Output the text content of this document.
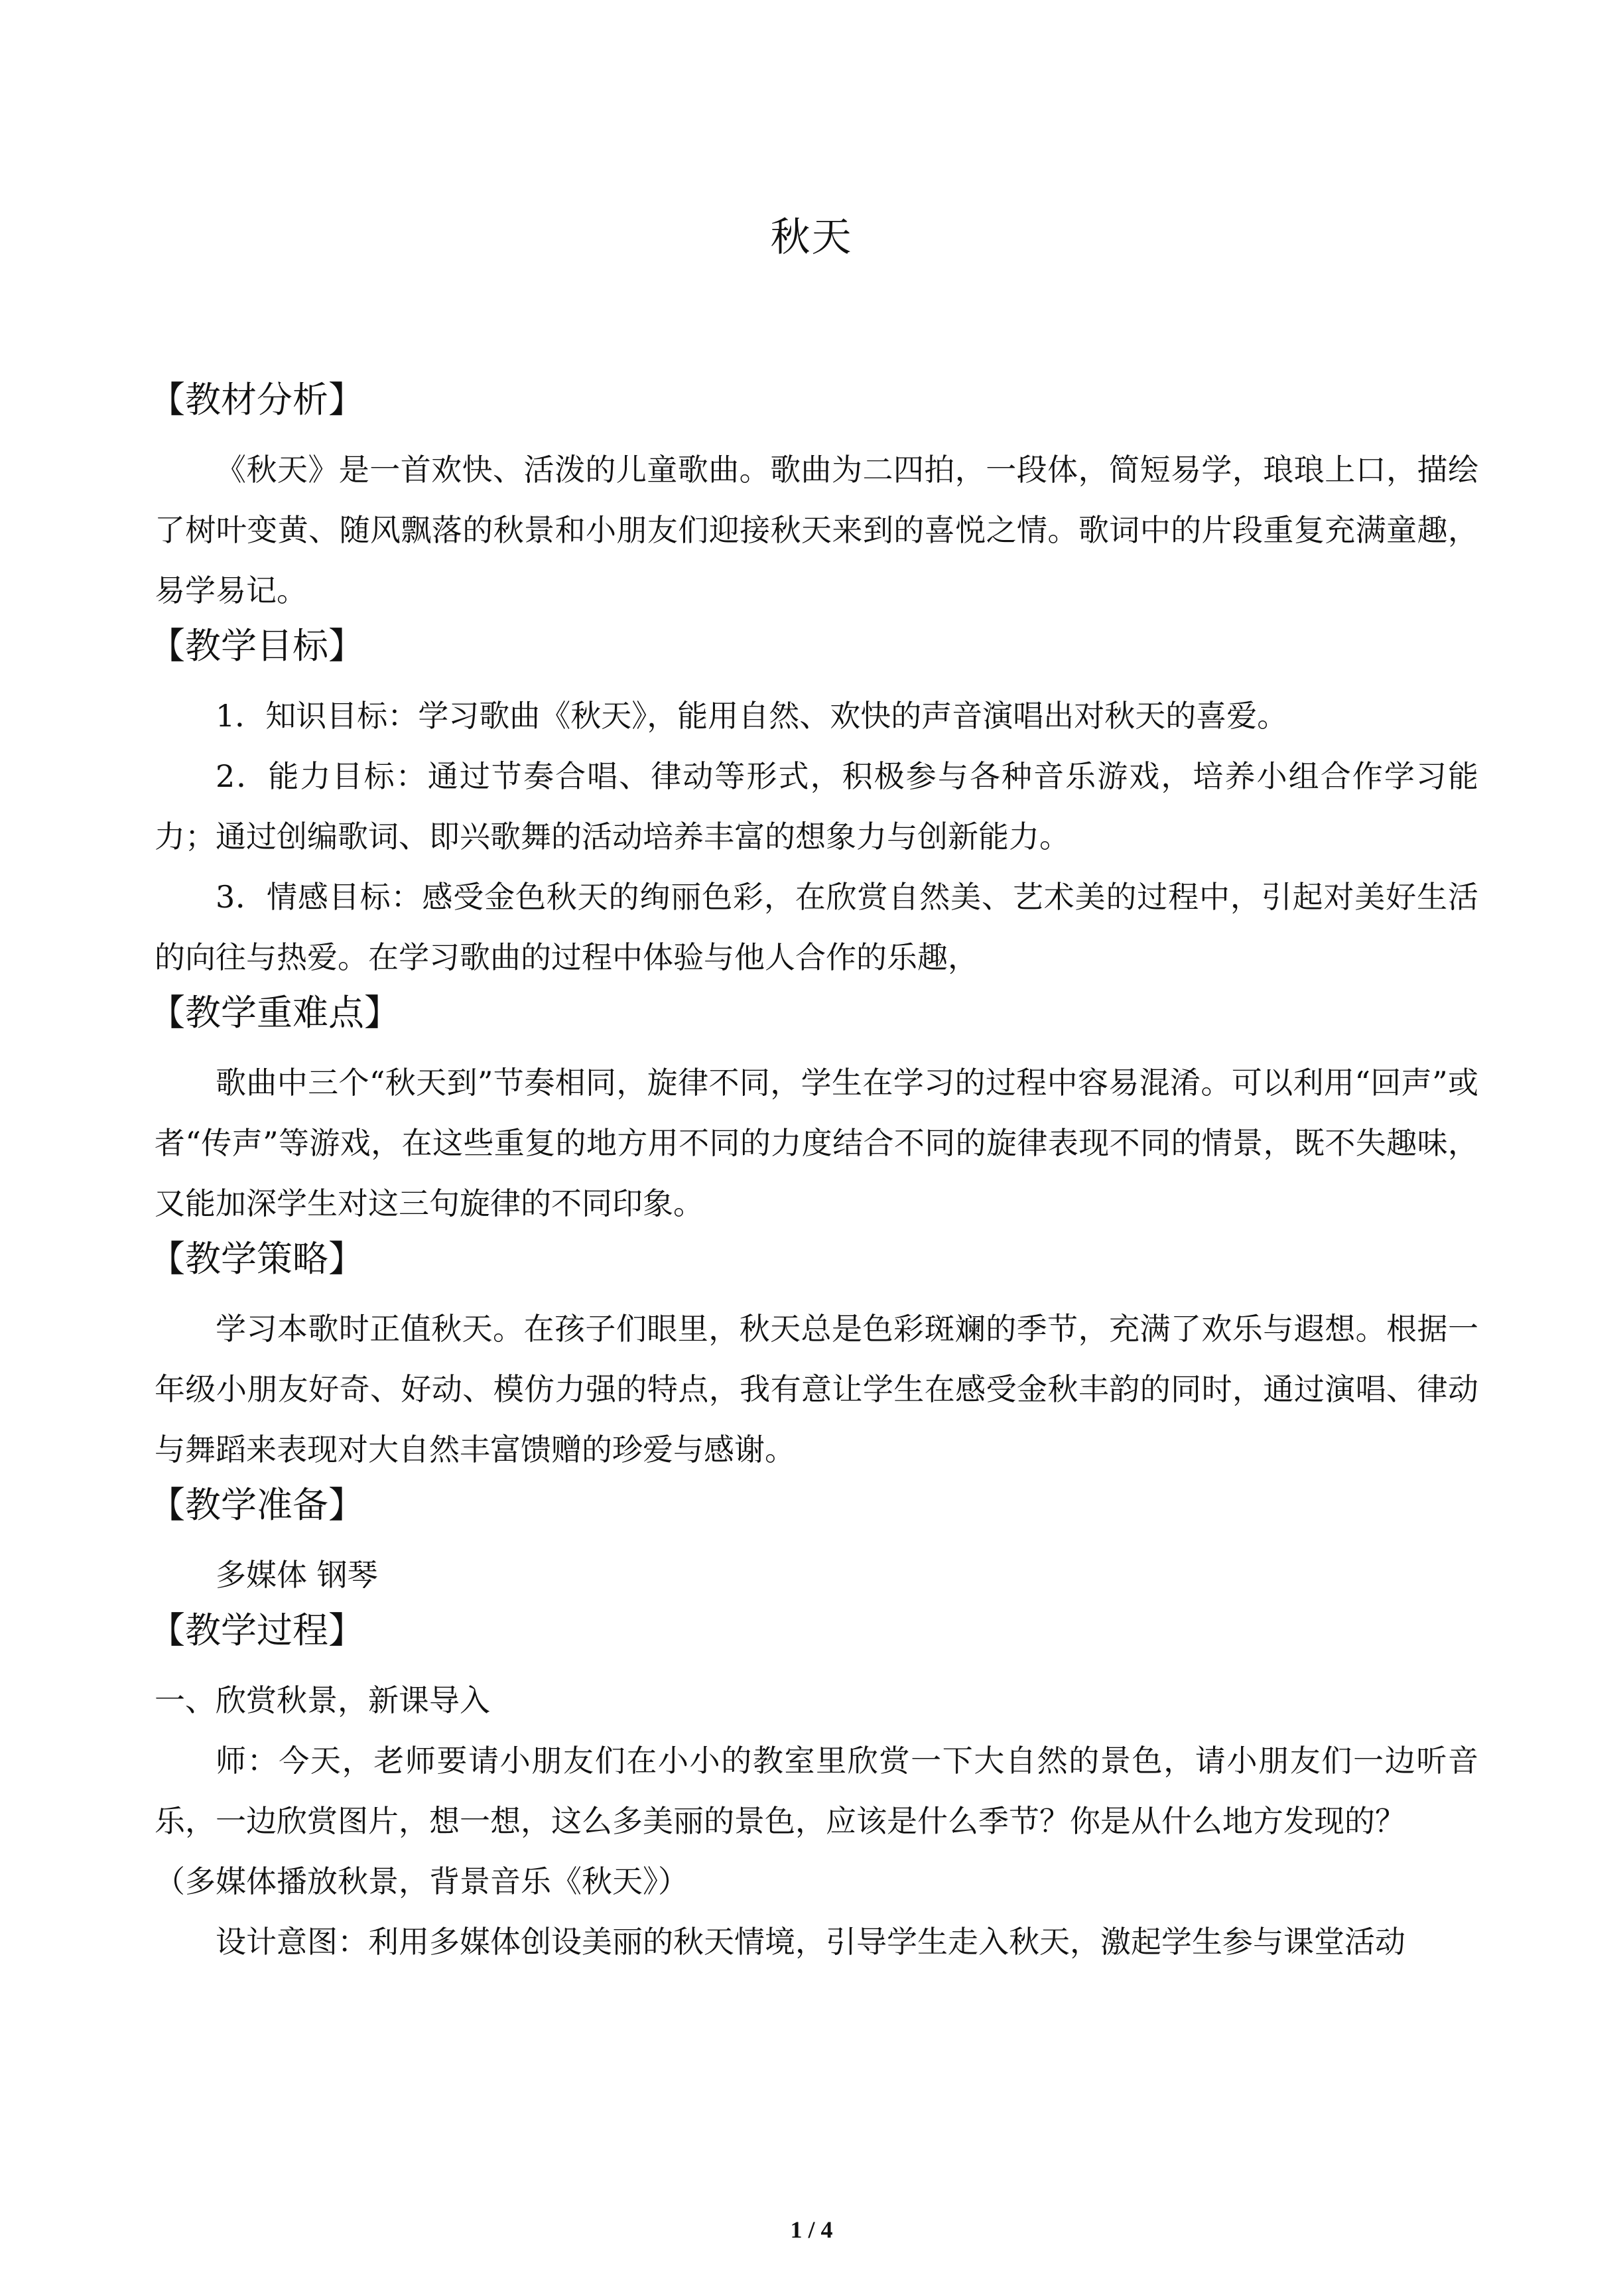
秋天
【教材分析】

《秋天》是一首欢快、活泼的儿童歌曲。歌曲为二四拍，一段体，简短易学，琅琅上口，描绘了树叶变黄、随风飘落的秋景和小朋友们迎接秋天来到的喜悦之情。歌词中的片段重复充满童趣，易学易记。

【教学目标】

1．知识目标：学习歌曲《秋天》，能用自然、欢快的声音演唱出对秋天的喜爱。

2．能力目标：通过节奏合唱、律动等形式，积极参与各种音乐游戏，培养小组合作学习能力；通过创编歌词、即兴歌舞的活动培养丰富的想象力与创新能力。

3．情感目标：感受金色秋天的绚丽色彩，在欣赏自然美、艺术美的过程中，引起对美好生活的向往与热爱。在学习歌曲的过程中体验与他人合作的乐趣，

【教学重难点】

歌曲中三个“秋天到”节奏相同，旋律不同，学生在学习的过程中容易混淆。可以利用“回声”或者“传声”等游戏，在这些重复的地方用不同的力度结合不同的旋律表现不同的情景，既不失趣味，又能加深学生对这三句旋律的不同印象。

【教学策略】

学习本歌时正值秋天。在孩子们眼里，秋天总是色彩斑斓的季节，充满了欢乐与遐想。根据一年级小朋友好奇、好动、模仿力强的特点，我有意让学生在感受金秋丰韵的同时，通过演唱、律动与舞蹈来表现对大自然丰富馈赠的珍爱与感谢。

【教学准备】

多媒体 钢琴

【教学过程】

一、欣赏秋景，新课导入

师：今天，老师要请小朋友们在小小的教室里欣赏一下大自然的景色，请小朋友们一边听音乐，一边欣赏图片，想一想，这么多美丽的景色，应该是什么季节？你是从什么地方发现的？

（多媒体播放秋景，背景音乐《秋天》）

设计意图：利用多媒体创设美丽的秋天情境，引导学生走入秋天，激起学生参与课堂活动

1 / 4
